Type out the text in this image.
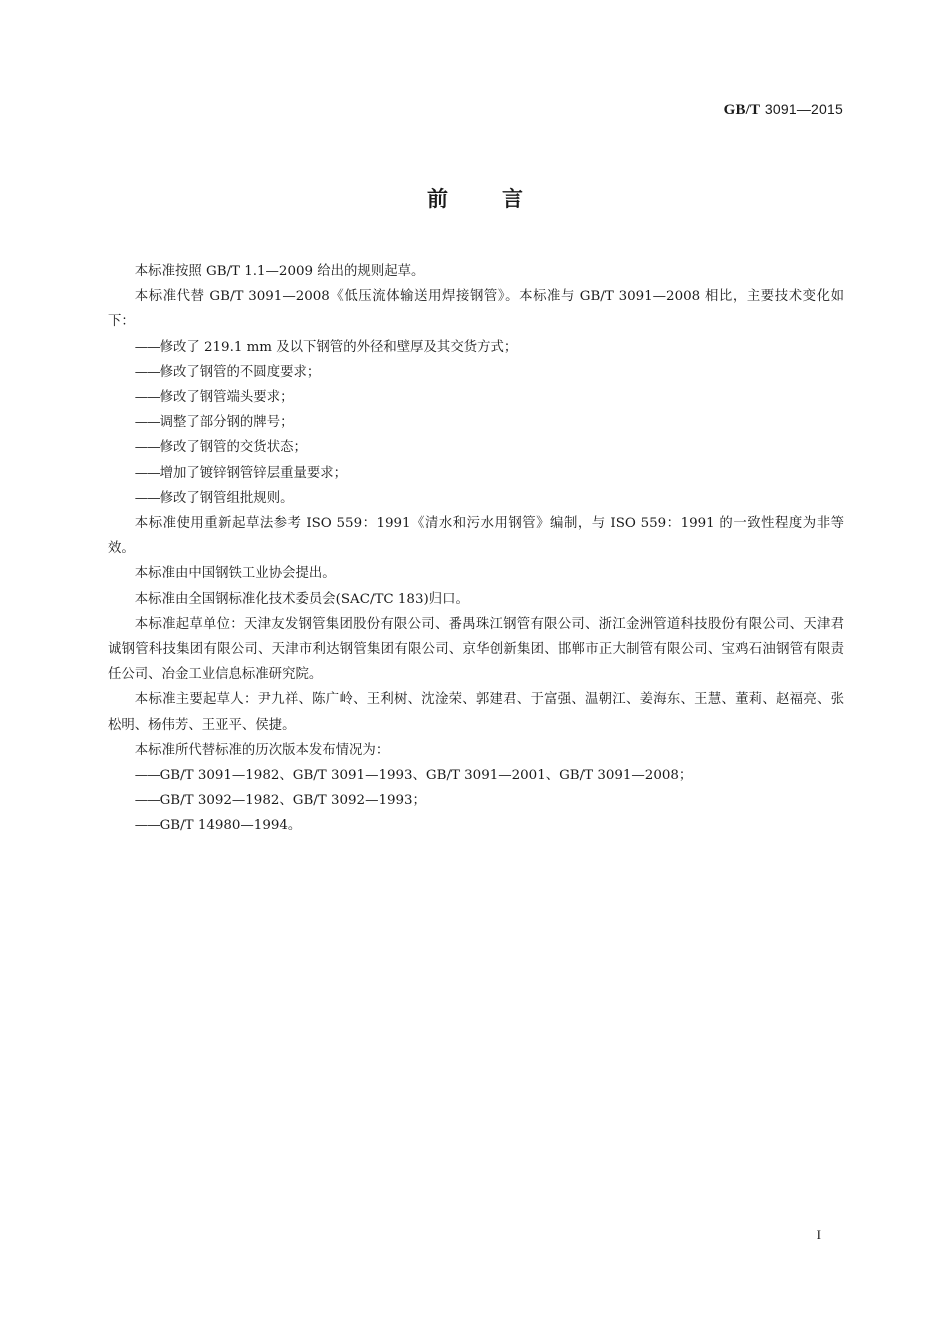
GB/T 3091—2015
前	言

本标准按照 GB/T 1.1—2009 给出的规则起草。

本标准代替 GB/T 3091—2008《低压流体输送用焊接钢管》。本标准与 GB/T 3091—2008 相比，主要技术变化如下：

——修改了 219.1 mm 及以下钢管的外径和壁厚及其交货方式；

——修改了钢管的不圆度要求；

——修改了钢管端头要求；

——调整了部分钢的牌号；

——修改了钢管的交货状态；

——增加了镀锌钢管锌层重量要求；

——修改了钢管组批规则。

本标准使用重新起草法参考 ISO 559：1991《清水和污水用钢管》编制，与 ISO 559：1991 的一致性程度为非等效。

本标准由中国钢铁工业协会提出。

本标准由全国钢标准化技术委员会(SAC/TC 183)归口。

本标准起草单位：天津友发钢管集团股份有限公司、番禺珠江钢管有限公司、浙江金洲管道科技股份有限公司、天津君诚钢管科技集团有限公司、天津市利达钢管集团有限公司、京华创新集团、邯郸市正大制管有限公司、宝鸡石油钢管有限责任公司、冶金工业信息标准研究院。

本标准主要起草人：尹九祥、陈广岭、王利树、沈淦荣、郭建君、于富强、温朝江、姜海东、王慧、董莉、赵福亮、张松明、杨伟芳、王亚平、侯捷。

本标准所代替标准的历次版本发布情况为：

——GB/T 3091—1982、GB/T 3091—1993、GB/T 3091—2001、GB/T 3091—2008；

——GB/T 3092—1982、GB/T 3092—1993；

——GB/T 14980—1994。

I
